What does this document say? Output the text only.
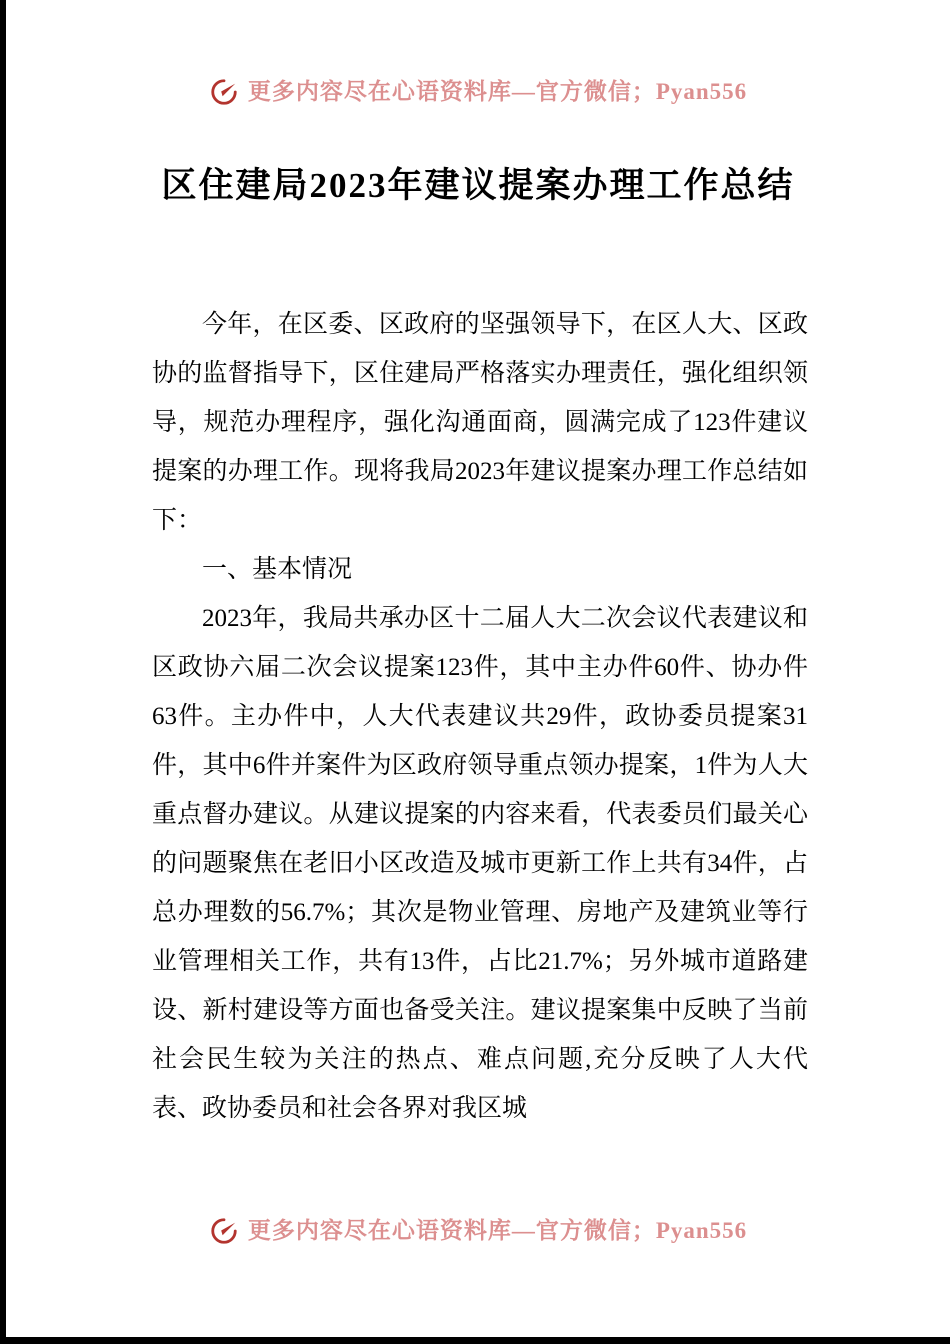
更多内容尽在心语资料库—官方微信；Pyan556
区住建局2023年建议提案办理工作总结

今年，在区委、区政府的坚强领导下，在区人大、区政协的监督指导下，区住建局严格落实办理责任，强化组织领导，规范办理程序，强化沟通面商，圆满完成了123件建议提案的办理工作。现将我局2023年建议提案办理工作总结如下：

一、基本情况

2023年，我局共承办区十二届人大二次会议代表建议和区政协六届二次会议提案123件，其中主办件60件、协办件63件。主办件中，人大代表建议共29件，政协委员提案31件，其中6件并案件为区政府领导重点领办提案，1件为人大重点督办建议。从建议提案的内容来看，代表委员们最关心的问题聚焦在老旧小区改造及城市更新工作上共有34件，占总办理数的56.7%；其次是物业管理、房地产及建筑业等行业管理相关工作，共有13件，占比21.7%；另外城市道路建设、新村建设等方面也备受关注。建议提案集中反映了当前社会民生较为关注的热点、难点问题,充分反映了人大代表、政协委员和社会各界对我区城

更多内容尽在心语资料库—官方微信；Pyan556
